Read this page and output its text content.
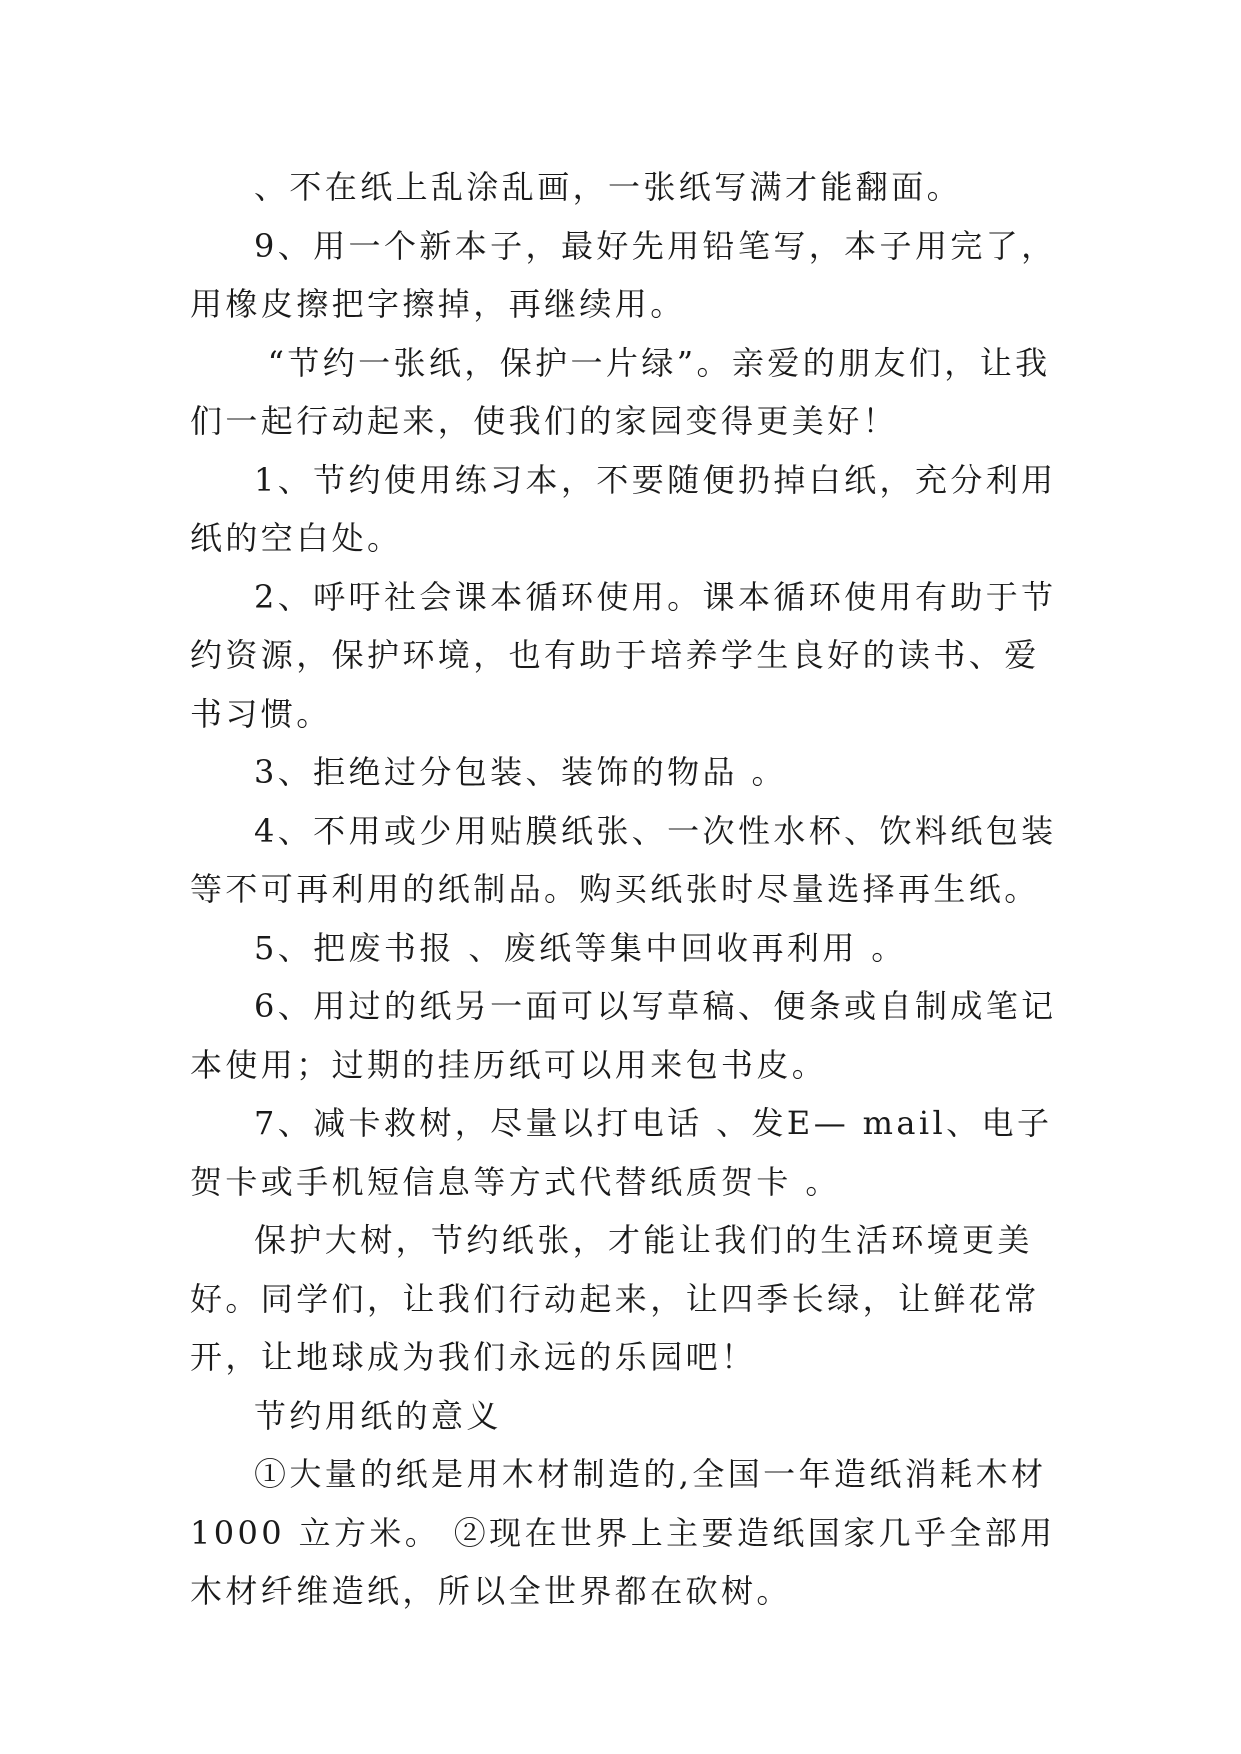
、不在纸上乱涂乱画，一张纸写满才能翻面。

9、用一个新本子，最好先用铅笔写，本子用完了，用橡皮擦把字擦掉，再继续用。

“节约一张纸，保护一片绿”。亲爱的朋友们，让我们一起行动起来，使我们的家园变得更美好！

1、节约使用练习本，不要随便扔掉白纸，充分利用纸的空白处。

2、呼吁社会课本循环使用。课本循环使用有助于节约资源，保护环境，也有助于培养学生良好的读书、爱书习惯。

3、拒绝过分包装、装饰的物品 。

4、不用或少用贴膜纸张、一次性水杯、饮料纸包装等不可再利用的纸制品。购买纸张时尽量选择再生纸。

5、把废书报 、废纸等集中回收再利用 。

6、用过的纸另一面可以写草稿、便条或自制成笔记本使用；过期的挂历纸可以用来包书皮。

7、减卡救树，尽量以打电话 、发E— mail、电子贺卡或手机短信息等方式代替纸质贺卡 。

保护大树，节约纸张，才能让我们的生活环境更美好。同学们，让我们行动起来，让四季长绿，让鲜花常开，让地球成为我们永远的乐园吧！

节约用纸的意义

①大量的纸是用木材制造的,全国一年造纸消耗木材1000 立方米。 ②现在世界上主要造纸国家几乎全部用木材纤维造纸，所以全世界都在砍树。
